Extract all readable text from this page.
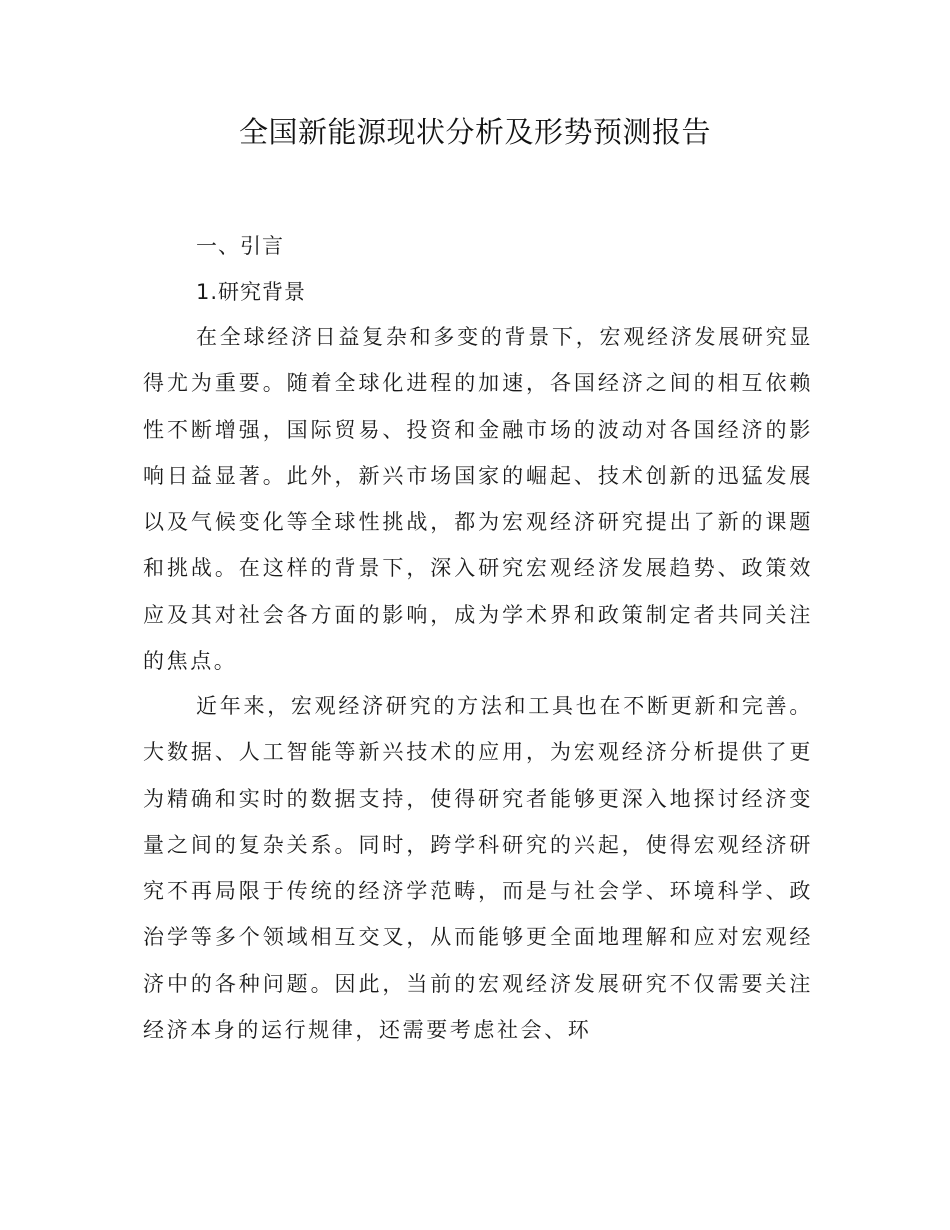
全国新能源现状分析及形势预测报告
一、引言
1.研究背景

在全球经济日益复杂和多变的背景下，宏观经济发展研究显得尤为重要。随着全球化进程的加速，各国经济之间的相互依赖性不断增强，国际贸易、投资和金融市场的波动对各国经济的影响日益显著。此外，新兴市场国家的崛起、技术创新的迅猛发展以及气候变化等全球性挑战，都为宏观经济研究提出了新的课题和挑战。在这样的背景下，深入研究宏观经济发展趋势、政策效应及其对社会各方面的影响，成为学术界和政策制定者共同关注的焦点。

近年来，宏观经济研究的方法和工具也在不断更新和完善。大数据、人工智能等新兴技术的应用，为宏观经济分析提供了更为精确和实时的数据支持，使得研究者能够更深入地探讨经济变量之间的复杂关系。同时，跨学科研究的兴起，使得宏观经济研究不再局限于传统的经济学范畴，而是与社会学、环境科学、政治学等多个领域相互交叉，从而能够更全面地理解和应对宏观经济中的各种问题。因此，当前的宏观经济发展研究不仅需要关注经济本身的运行规律，还需要考虑社会、环
